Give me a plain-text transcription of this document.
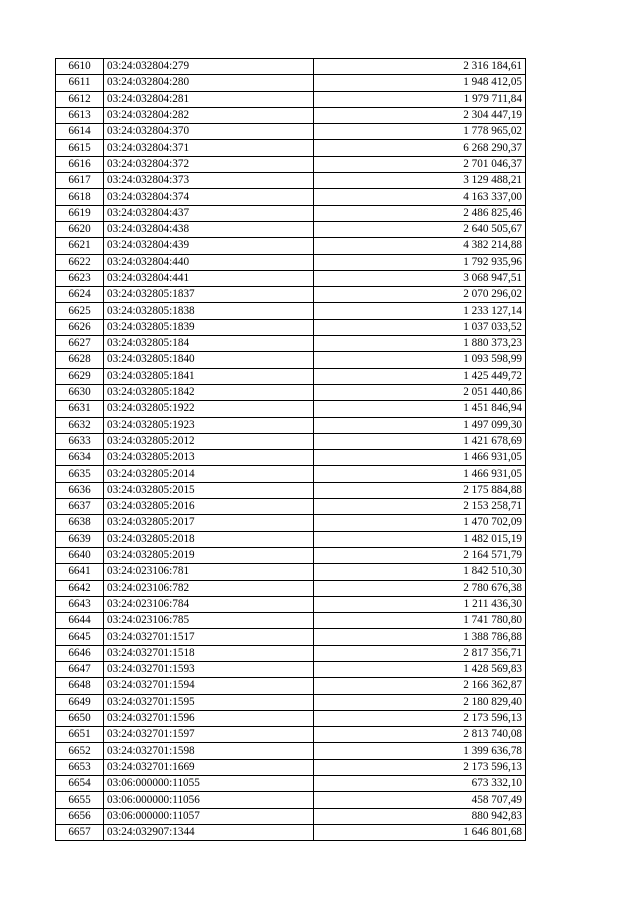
6610	03:24:032804:279	2 316 184,61
6611	03:24:032804:280	1 948 412,05
6612	03:24:032804:281	1 979 711,84
6613	03:24:032804:282	2 304 447,19
6614	03:24:032804:370	1 778 965,02
6615	03:24:032804:371	6 268 290,37
6616	03:24:032804:372	2 701 046,37
6617	03:24:032804:373	3 129 488,21
6618	03:24:032804:374	4 163 337,00
6619	03:24:032804:437	2 486 825,46
6620	03:24:032804:438	2 640 505,67
6621	03:24:032804:439	4 382 214,88
6622	03:24:032804:440	1 792 935,96
6623	03:24:032804:441	3 068 947,51
6624	03:24:032805:1837	2 070 296,02
6625	03:24:032805:1838	1 233 127,14
6626	03:24:032805:1839	1 037 033,52
6627	03:24:032805:184	1 880 373,23
6628	03:24:032805:1840	1 093 598,99
6629	03:24:032805:1841	1 425 449,72
6630	03:24:032805:1842	2 051 440,86
6631	03:24:032805:1922	1 451 846,94
6632	03:24:032805:1923	1 497 099,30
6633	03:24:032805:2012	1 421 678,69
6634	03:24:032805:2013	1 466 931,05
6635	03:24:032805:2014	1 466 931,05
6636	03:24:032805:2015	2 175 884,88
6637	03:24:032805:2016	2 153 258,71
6638	03:24:032805:2017	1 470 702,09
6639	03:24:032805:2018	1 482 015,19
6640	03:24:032805:2019	2 164 571,79
6641	03:24:023106:781	1 842 510,30
6642	03:24:023106:782	2 780 676,38
6643	03:24:023106:784	1 211 436,30
6644	03:24:023106:785	1 741 780,80
6645	03:24:032701:1517	1 388 786,88
6646	03:24:032701:1518	2 817 356,71
6647	03:24:032701:1593	1 428 569,83
6648	03:24:032701:1594	2 166 362,87
6649	03:24:032701:1595	2 180 829,40
6650	03:24:032701:1596	2 173 596,13
6651	03:24:032701:1597	2 813 740,08
6652	03:24:032701:1598	1 399 636,78
6653	03:24:032701:1669	2 173 596,13
6654	03:06:000000:11055	673 332,10
6655	03:06:000000:11056	458 707,49
6656	03:06:000000:11057	880 942,83
6657	03:24:032907:1344	1 646 801,68
